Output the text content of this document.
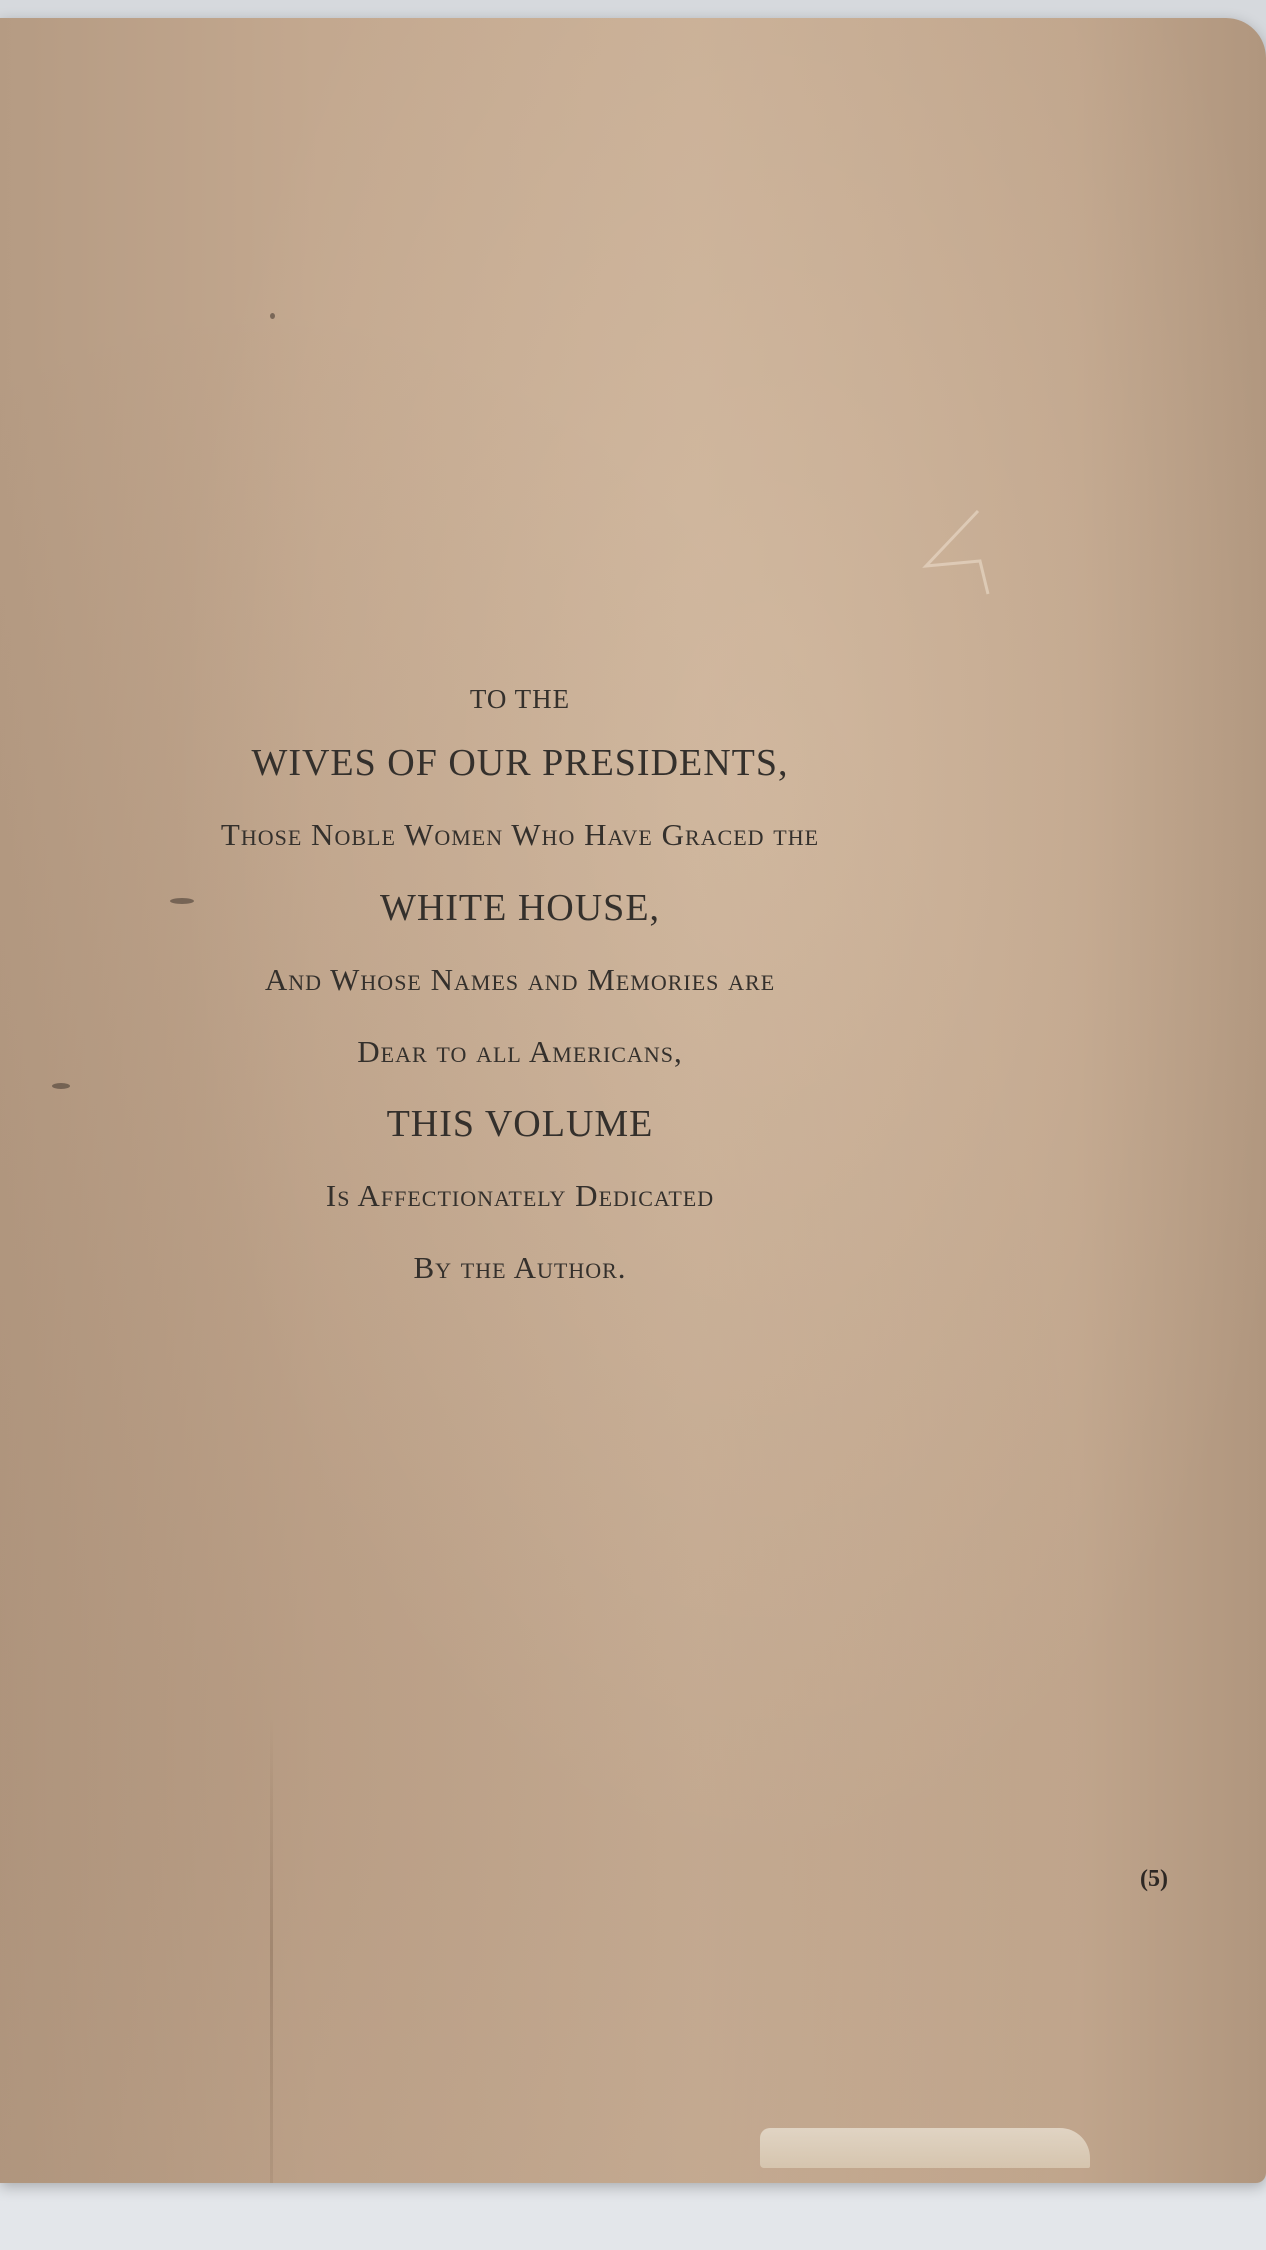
TO THE
WIVES OF OUR PRESIDENTS,
Those Noble Women Who Have Graced the
WHITE HOUSE,
And Whose Names and Memories are
Dear to all Americans,
THIS VOLUME
Is Affectionately Dedicated
By the Author.
(5)
